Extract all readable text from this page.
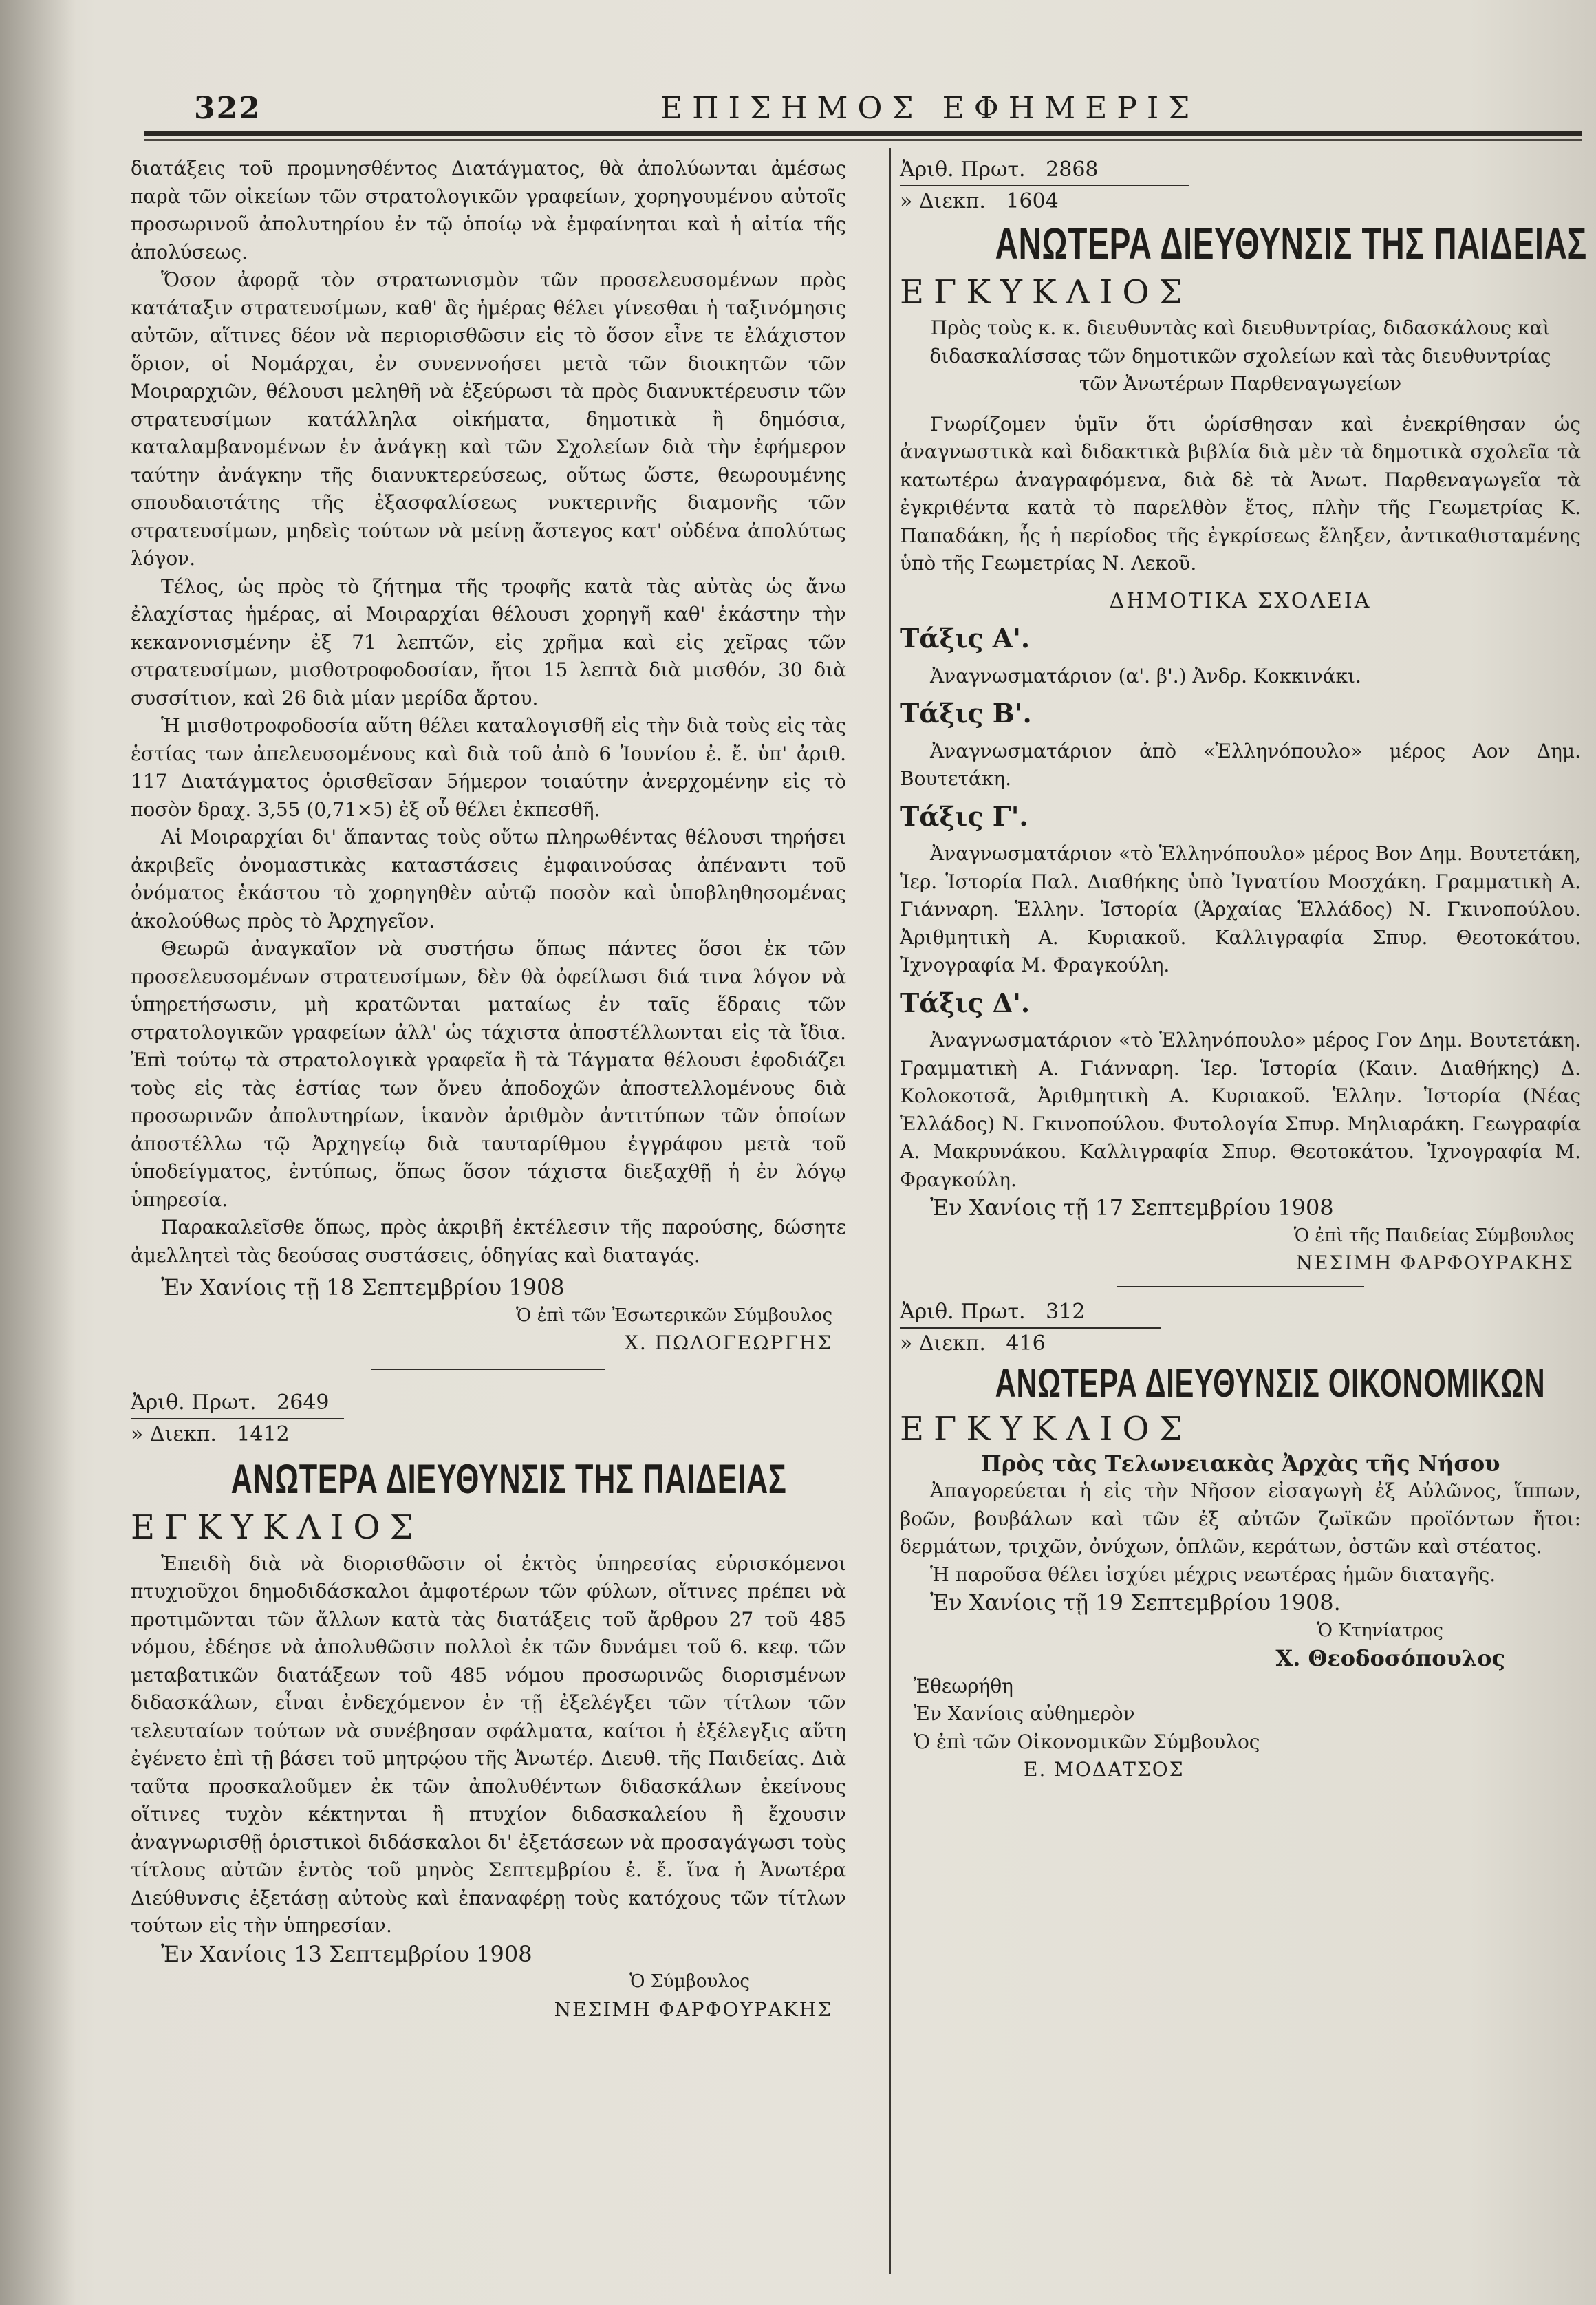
322	ΕΠΙΣΗΜΟΣ ΕΦΗΜΕΡΙΣ

διατάξεις τοῦ προμνησθέντος Διατάγματος, θὰ ἀπολύωνται ἀμέσως παρὰ τῶν οἰκείων τῶν στρατολογικῶν γραφείων, χορηγουμένου αὐτοῖς προσωρινοῦ ἀπολυτηρίου ἐν τῷ ὁποίῳ νὰ ἐμφαίνηται καὶ ἡ αἰτία τῆς ἀπολύσεως.

Ὅσον ἀφορᾷ τὸν στρατωνισμὸν τῶν προσελευσομένων πρὸς κατάταξιν στρατευσίμων, καθ' ἃς ἡμέρας θέλει γίνεσθαι ἡ ταξινόμησις αὐτῶν, αἵτινες δέον νὰ περιορισθῶσιν εἰς τὸ ὅσον εἶνε τε ἐλάχιστον ὅριον, οἱ Νομάρχαι, ἐν συνεννοήσει μετὰ τῶν διοικητῶν τῶν Μοιραρχιῶν, θέλουσι μεληθῆ νὰ ἐξεύρωσι τὰ πρὸς διανυκτέρευσιν τῶν στρατευσίμων κατάλληλα οἰκήματα, δημοτικὰ ἢ δημόσια, καταλαμβανομένων ἐν ἀνάγκῃ καὶ τῶν Σχολείων διὰ τὴν ἐφήμερον ταύτην ἀνάγκην τῆς διανυκτερεύσεως, οὕτως ὥστε, θεωρουμένης σπουδαιοτάτης τῆς ἐξασφαλίσεως νυκτερινῆς διαμονῆς τῶν στρατευσίμων, μηδεὶς τούτων νὰ μείνῃ ἄστεγος κατ' οὐδένα ἀπολύτως λόγον.

Τέλος, ὡς πρὸς τὸ ζήτημα τῆς τροφῆς κατὰ τὰς αὐτὰς ὡς ἄνω ἐλαχίστας ἡμέρας, αἱ Μοιραρχίαι θέλουσι χορηγῆ καθ' ἑκάστην τὴν κεκανονισμένην ἐξ 71 λεπτῶν, εἰς χρῆμα καὶ εἰς χεῖρας τῶν στρατευσίμων, μισθοτροφοδοσίαν, ἤτοι 15 λεπτὰ διὰ μισθόν, 30 διὰ συσσίτιον, καὶ 26 διὰ μίαν μερίδα ἄρτου.

Ἡ μισθοτροφοδοσία αὕτη θέλει καταλογισθῆ εἰς τὴν διὰ τοὺς εἰς τὰς ἑστίας των ἀπελευσομένους καὶ διὰ τοῦ ἀπὸ 6 Ἰουνίου ἐ. ἔ. ὑπ' ἀριθ. 117 Διατάγματος ὁρισθεῖσαν 5ήμερον τοιαύτην ἀνερχομένην εἰς τὸ ποσὸν δραχ. 3,55 (0,71×5) ἐξ οὗ θέλει ἐκπεσθῆ.

Αἱ Μοιραρχίαι δι' ἅπαντας τοὺς οὕτω πληρωθέντας θέλουσι τηρήσει ἀκριβεῖς ὀνομαστικὰς καταστάσεις ἐμφαινούσας ἀπέναντι τοῦ ὀνόματος ἑκάστου τὸ χορηγηθὲν αὐτῷ ποσὸν καὶ ὑποβληθησομένας ἀκολούθως πρὸς τὸ Ἀρχηγεῖον.

Θεωρῶ ἀναγκαῖον νὰ συστήσω ὅπως πάντες ὅσοι ἐκ τῶν προσελευσομένων στρατευσίμων, δὲν θὰ ὀφείλωσι διά τινα λόγον νὰ ὑπηρετήσωσιν, μὴ κρατῶνται ματαίως ἐν ταῖς ἕδραις τῶν στρατολογικῶν γραφείων ἀλλ' ὡς τάχιστα ἀποστέλλωνται εἰς τὰ ἴδια. Ἐπὶ τούτῳ τὰ στρατολογικὰ γραφεῖα ἢ τὰ Τάγματα θέλουσι ἐφοδιάζει τοὺς εἰς τὰς ἑστίας των ὄνευ ἀποδοχῶν ἀποστελλομένους διὰ προσωρινῶν ἀπολυτηρίων, ἱκανὸν ἀριθμὸν ἀντιτύπων τῶν ὁποίων ἀποστέλλω τῷ Ἀρχηγείῳ διὰ ταυταρίθμου ἐγγράφου μετὰ τοῦ ὑποδείγματος, ἐντύπως, ὅπως ὅσον τάχιστα διεξαχθῇ ἡ ἐν λόγῳ ὑπηρεσία.

Παρακαλεῖσθε ὅπως, πρὸς ἀκριβῆ ἐκτέλεσιν τῆς παρούσης, δώσητε ἀμελλητεὶ τὰς δεούσας συστάσεις, ὁδηγίας καὶ διαταγάς.

Ἐν Χανίοις τῇ 18 Σεπτεμβρίου 1908

Ὁ ἐπὶ τῶν Ἐσωτερικῶν Σύμβουλος

Χ. ΠΩΛΟΓΕΩΡΓΗΣ

Ἀριθ. Πρωτ. 2649

» Διεκπ. 1412

ΑΝΩΤΕΡΑ ΔΙΕΥΘΥΝΣΙΣ ΤΗΣ ΠΑΙΔΕΙΑΣ

ΕΓΚΥΚΛΙΟΣ

Ἐπειδὴ διὰ νὰ διορισθῶσιν οἱ ἐκτὸς ὑπηρεσίας εὑρισκόμενοι πτυχιοῦχοι δημοδιδάσκαλοι ἀμφοτέρων τῶν φύλων, οἵτινες πρέπει νὰ προτιμῶνται τῶν ἄλλων κατὰ τὰς διατάξεις τοῦ ἄρθρου 27 τοῦ 485 νόμου, ἐδέησε νὰ ἀπολυθῶσιν πολλοὶ ἐκ τῶν δυνάμει τοῦ 6. κεφ. τῶν μεταβατικῶν διατάξεων τοῦ 485 νόμου προσωρινῶς διορισμένων διδασκάλων, εἶναι ἐνδεχόμενον ἐν τῇ ἐξελέγξει τῶν τίτλων τῶν τελευταίων τούτων νὰ συνέβησαν σφάλματα, καίτοι ἡ ἐξέλεγξις αὕτη ἐγένετο ἐπὶ τῇ βάσει τοῦ μητρῴου τῆς Ἀνωτέρ. Διευθ. τῆς Παιδείας. Διὰ ταῦτα προσκαλοῦμεν ἐκ τῶν ἀπολυθέντων διδασκάλων ἐκείνους οἵτινες τυχὸν κέκτηνται ἢ πτυχίον διδασκαλείου ἢ ἔχουσιν ἀναγνωρισθῇ ὁριστικοὶ διδάσκαλοι δι' ἐξετάσεων νὰ προσαγάγωσι τοὺς τίτλους αὐτῶν ἐντὸς τοῦ μηνὸς Σεπτεμβρίου ἐ. ἔ. ἵνα ἡ Ἀνωτέρα Διεύθυνσις ἐξετάσῃ αὐτοὺς καὶ ἐπαναφέρῃ τοὺς κατόχους τῶν τίτλων τούτων εἰς τὴν ὑπηρεσίαν.

Ἐν Χανίοις 13 Σεπτεμβρίου 1908

Ὁ Σύμβουλος

ΝΕΣΙΜΗ ΦΑΡΦΟΥΡΑΚΗΣ

Ἀριθ. Πρωτ. 2868

» Διεκπ. 1604

ΑΝΩΤΕΡΑ ΔΙΕΥΘΥΝΣΙΣ ΤΗΣ ΠΑΙΔΕΙΑΣ

ΕΓΚΥΚΛΙΟΣ

Πρὸς τοὺς κ. κ. διευθυντὰς καὶ διευθυντρίας, διδασκάλους καὶ διδασκαλίσσας τῶν δημοτικῶν σχολείων καὶ τὰς διευθυντρίας τῶν Ἀνωτέρων Παρθεναγωγείων

Γνωρίζομεν ὑμῖν ὅτι ὡρίσθησαν καὶ ἐνεκρίθησαν ὡς ἀναγνωστικὰ καὶ διδακτικὰ βιβλία διὰ μὲν τὰ δημοτικὰ σχολεῖα τὰ κατωτέρω ἀναγραφόμενα, διὰ δὲ τὰ Ἀνωτ. Παρθεναγωγεῖα τὰ ἐγκριθέντα κατὰ τὸ παρελθὸν ἔτος, πλὴν τῆς Γεωμετρίας Κ. Παπαδάκη, ἧς ἡ περίοδος τῆς ἐγκρίσεως ἔληξεν, ἀντικαθισταμένης ὑπὸ τῆς Γεωμετρίας Ν. Λεκοῦ.

ΔΗΜΟΤΙΚΑ ΣΧΟΛΕΙΑ

Τάξις Α'.

Ἀναγνωσματάριον (α'. β'.) Ἀνδρ. Κοκκινάκι.

Τάξις Β'.

Ἀναγνωσματάριον ἀπὸ «Ἑλληνόπουλο» μέρος Αον Δημ. Βουτετάκη.

Τάξις Γ'.

Ἀναγνωσματάριον «τὸ Ἑλληνόπουλο» μέρος Βον Δημ. Βουτετάκη, Ἱερ. Ἱστορία Παλ. Διαθήκης ὑπὸ Ἰγνατίου Μοσχάκη. Γραμματικὴ Α. Γιάνναρη. Ἑλλην. Ἱστορία (Ἀρχαίας Ἑλλάδος) Ν. Γκινοπούλου. Ἀριθμητικὴ Α. Κυριακοῦ. Καλλιγραφία Σπυρ. Θεοτοκάτου. Ἰχνογραφία Μ. Φραγκούλη.

Τάξις Δ'.

Ἀναγνωσματάριον «τὸ Ἑλληνόπουλο» μέρος Γον Δημ. Βουτετάκη. Γραμματικὴ Α. Γιάνναρη. Ἱερ. Ἱστορία (Καιν. Διαθήκης) Δ. Κολοκοτσᾶ, Ἀριθμητικὴ Α. Κυριακοῦ. Ἑλλην. Ἱστορία (Νέας Ἑλλάδος) Ν. Γκινοπούλου. Φυτολογία Σπυρ. Μηλιαράκη. Γεωγραφία Α. Μακρυνάκου. Καλλιγραφία Σπυρ. Θεοτοκάτου. Ἰχνογραφία Μ. Φραγκούλη.

Ἐν Χανίοις τῇ 17 Σεπτεμβρίου 1908

Ὁ ἐπὶ τῆς Παιδείας Σύμβουλος

ΝΕΣΙΜΗ ΦΑΡΦΟΥΡΑΚΗΣ

Ἀριθ. Πρωτ. 312

» Διεκπ. 416

ΑΝΩΤΕΡΑ ΔΙΕΥΘΥΝΣΙΣ ΟΙΚΟΝΟΜΙΚΩΝ

ΕΓΚΥΚΛΙΟΣ

Πρὸς τὰς Τελωνειακὰς Ἀρχὰς τῆς Νήσου

Ἀπαγορεύεται ἡ εἰς τὴν Νῆσον εἰσαγωγὴ ἐξ Αὐλῶνος, ἵππων, βοῶν, βουβάλων καὶ τῶν ἐξ αὐτῶν ζωϊκῶν προϊόντων ἤτοι: δερμάτων, τριχῶν, ὀνύχων, ὁπλῶν, κεράτων, ὀστῶν καὶ στέατος.

Ἡ παροῦσα θέλει ἰσχύει μέχρις νεωτέρας ἡμῶν διαταγῆς.

Ἐν Χανίοις τῇ 19 Σεπτεμβρίου 1908.

Ὁ Κτηνίατρος

Χ. Θεοδοσόπουλος

Ἐθεωρήθη

Ἐν Χανίοις αὐθημερὸν

Ὁ ἐπὶ τῶν Οἰκονομικῶν Σύμβουλος

Ε. ΜΟΔΑΤΣΟΣ
